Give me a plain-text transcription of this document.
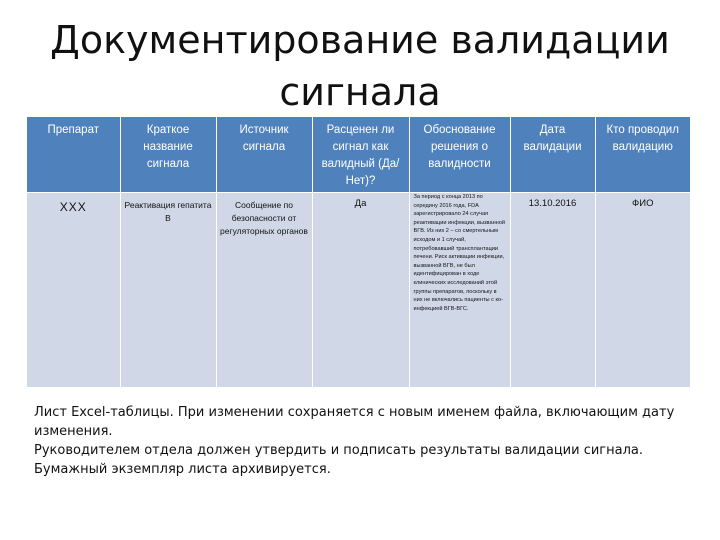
Документирование валидации
сигнала
Препарат	Краткое название сигнала	Источник сигнала	Расценен ли сигнал как валидный (Да/Нет)?	Обоснование решения о валидности	Дата валидации	Кто проводил валидацию
XXX	Реактивация гепатита В	Сообщение по безопасности от регуляторных органов	Да	За период с конца 2013 по середину 2016 года, FDA зарегистрировало 24 случая реактивации инфекции, вызванной ВГВ. Из них 2 – со смертельным исходом и 1 случай, потребовавший трансплантации печени. Риск активации инфекции, вызванной ВГВ, не был идентифицирован в ходе клинических исследований этой группы препаратов, поскольку в них не включались пациенты с ко-инфекцией ВГВ-ВГС.	13.10.2016	ФИО

Лист Excel-таблицы. При изменении сохраняется с новым именем файла, включающим дату изменения.

Руководителем отдела должен утвердить и подписать результаты валидации сигнала.

Бумажный экземпляр листа архивируется.
